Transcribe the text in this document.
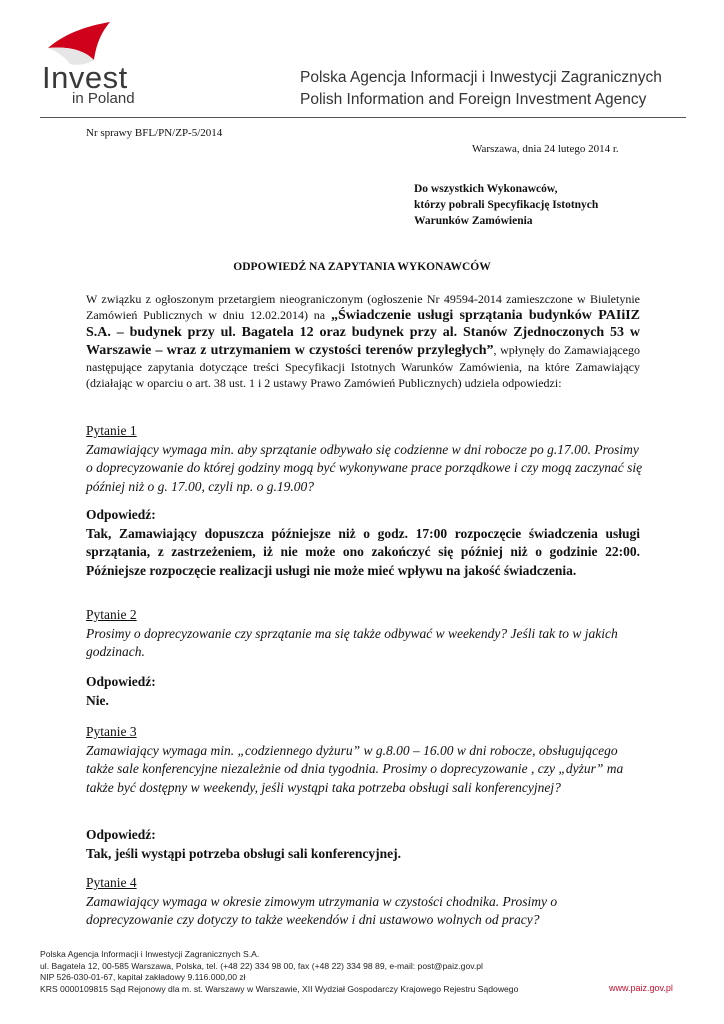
Invest
in Poland
Polska Agencja Informacji i Inwestycji Zagranicznych
Polish Information and Foreign Investment Agency
Nr sprawy BFL/PN/ZP-5/2014
Warszawa, dnia 24 lutego 2014 r.
Do wszystkich Wykonawców,
którzy pobrali Specyfikację Istotnych
Warunków Zamówienia
ODPOWIEDŹ NA ZAPYTANIA WYKONAWCÓW
W związku z ogłoszonym przetargiem nieograniczonym (ogłoszenie Nr 49594-2014 zamieszczone w Biuletynie Zamówień Publicznych w dniu 12.02.2014) na „Świadczenie usługi sprzątania budynków PAIiIZ S.A. – budynek przy ul. Bagatela 12 oraz budynek przy al. Stanów Zjednoczonych 53 w Warszawie – wraz z utrzymaniem w czystości terenów przyległych”, wpłynęły do Zamawiającego następujące zapytania dotyczące treści Specyfikacji Istotnych Warunków Zamówienia, na które Zamawiający (działając w oparciu o art. 38 ust. 1 i 2 ustawy Prawo Zamówień Publicznych) udziela odpowiedzi:
Pytanie 1
Zamawiający wymaga min. aby sprzątanie odbywało się codzienne w dni robocze po g.17.00. Prosimy o doprecyzowanie do której godziny mogą być wykonywane prace porządkowe i czy mogą zaczynać się później niż o g. 17.00, czyli np. o g.19.00?
Odpowiedź:
Tak, Zamawiający dopuszcza późniejsze niż o godz. 17:00 rozpoczęcie świadczenia usługi sprzątania, z zastrzeżeniem, iż nie może ono zakończyć się później niż o godzinie 22:00. Późniejsze rozpoczęcie realizacji usługi nie może mieć wpływu na jakość świadczenia.
Pytanie 2
Prosimy o doprecyzowanie czy sprzątanie ma się także odbywać w weekendy? Jeśli tak to w jakich godzinach.
Odpowiedź:
Nie.
Pytanie 3
Zamawiający wymaga min. „codziennego dyżuru” w g.8.00 – 16.00 w dni robocze, obsługującego także sale konferencyjne niezależnie od dnia tygodnia. Prosimy o doprecyzowanie , czy „dyżur” ma także być dostępny w weekendy, jeśli wystąpi taka potrzeba obsługi sali konferencyjnej?
Odpowiedź:
Tak, jeśli wystąpi potrzeba obsługi sali konferencyjnej.
Pytanie 4
Zamawiający wymaga w okresie zimowym utrzymania w czystości chodnika. Prosimy o doprecyzowanie czy dotyczy to także weekendów i dni ustawowo wolnych od pracy?
Polska Agencja Informacji i Inwestycji Zagranicznych S.A.
ul. Bagatela 12, 00-585 Warszawa, Polska, tel. (+48 22) 334 98 00, fax (+48 22) 334 98 89, e-mail: post@paiz.gov.pl
NIP 526-030-01-67, kapitał zakładowy 9.116.000,00 zł
KRS 0000109815 Sąd Rejonowy dla m. st. Warszawy w Warszawie, XII Wydział Gospodarczy Krajowego Rejestru Sądowego	www.paiz.gov.pl
